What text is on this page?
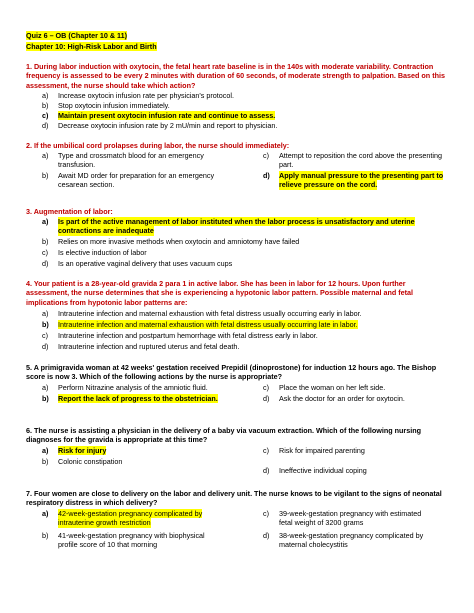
Quiz 6 – OB (Chapter 10 & 11)
Chapter 10: High-Risk Labor and Birth
1. During labor induction with oxytocin, the fetal heart rate baseline is in the 140s with moderate variability. Contraction frequency is assessed to be every 2 minutes with duration of 60 seconds, of moderate strength to palpation. Based on this assessment, the nurse should take which action?
a) Increase oxytocin infusion rate per physician's protocol.
b) Stop oxytocin infusion immediately.
c) Maintain present oxytocin infusion rate and continue to assess.
d) Decrease oxytocin infusion rate by 2 mU/min and report to physician.
2. If the umbilical cord prolapses during labor, the nurse should immediately:
a) Type and crossmatch blood for an emergency
transfusion.
b) Await MD order for preparation for an emergency
cesarean section.
c) Attempt to reposition the cord above the presenting
part.
d) Apply manual pressure to the presenting part to
relieve pressure on the cord.
3. Augmentation of labor:
a) Is part of the active management of labor instituted when the labor process is unsatisfactory and uterine
contractions are inadequate
b) Relies on more invasive methods when oxytocin and amniotomy have failed
c) Is elective induction of labor
d) Is an operative vaginal delivery that uses vacuum cups
4. Your patient is a 28-year-old gravida 2 para 1 in active labor. She has been in labor for 12 hours. Upon further assessment, the nurse determines that she is experiencing a hypotonic labor pattern. Possible maternal and fetal implications from hypotonic labor patterns are:
a) Intrauterine infection and maternal exhaustion with fetal distress usually occurring early in labor.
b) Intrauterine infection and maternal exhaustion with fetal distress usually occurring late in labor.
c) Intrauterine infection and postpartum hemorrhage with fetal distress early in labor.
d) Intrauterine infection and ruptured uterus and fetal death.
5. A primigravida woman at 42 weeks' gestation received Prepidil (dinoprostone) for induction 12 hours ago. The Bishop score is now 3. Which of the following actions by the nurse is appropriate?
a) Perform Nitrazine analysis of the amniotic fluid.
b) Report the lack of progress to the obstetrician.
c) Place the woman on her left side.
d) Ask the doctor for an order for oxytocin.
6. The nurse is assisting a physician in the delivery of a baby via vacuum extraction. Which of the following nursing diagnoses for the gravida is appropriate at this time?
a) Risk for injury
b) Colonic constipation
c) Risk for impaired parenting
d) Ineffective individual coping
7. Four women are close to delivery on the labor and delivery unit. The nurse knows to be vigilant to the signs of neonatal respiratory distress in which delivery?
a) 42-week-gestation pregnancy complicated by
intrauterine growth restriction
b) 41-week-gestation pregnancy with biophysical
profile score of 10 that morning
c) 39-week-gestation pregnancy with estimated
fetal weight of 3200 grams
d) 38-week-gestation pregnancy complicated by
maternal cholecystitis
